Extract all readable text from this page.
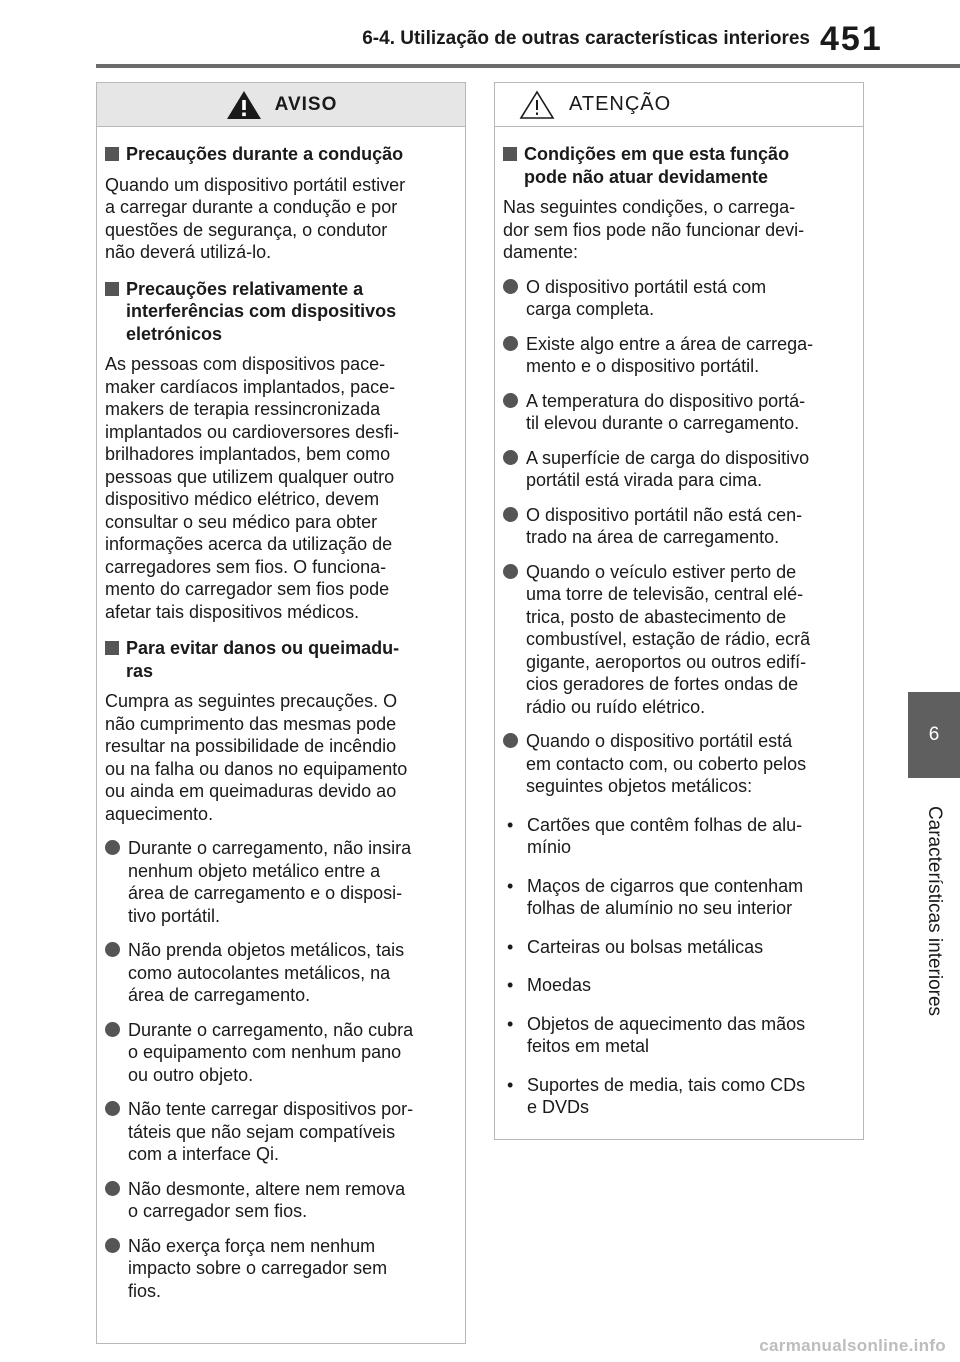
6-4. Utilização de outras características interiores 451
6
Características interiores
AVISO
Precauções durante a condução
Quando um dispositivo portátil estiver
a carregar durante a condução e por
questões de segurança, o condutor
não deverá utilizá-lo.
Precauções relativamente a
interferências com dispositivos
eletrónicos
As pessoas com dispositivos pace-
maker cardíacos implantados, pace-
makers de terapia ressincronizada
implantados ou cardioversores desfi-
brilhadores implantados, bem como
pessoas que utilizem qualquer outro
dispositivo médico elétrico, devem
consultar o seu médico para obter
informações acerca da utilização de
carregadores sem fios. O funciona-
mento do carregador sem fios pode
afetar tais dispositivos médicos.
Para evitar danos ou queimadu-
ras
Cumpra as seguintes precauções. O
não cumprimento das mesmas pode
resultar na possibilidade de incêndio
ou na falha ou danos no equipamento
ou ainda em queimaduras devido ao
aquecimento.
Durante o carregamento, não insira
nenhum objeto metálico entre a
área de carregamento e o disposi-
tivo portátil.
Não prenda objetos metálicos, tais
como autocolantes metálicos, na
área de carregamento.
Durante o carregamento, não cubra
o equipamento com nenhum pano
ou outro objeto.
Não tente carregar dispositivos por-
táteis que não sejam compatíveis
com a interface Qi.
Não desmonte, altere nem remova
o carregador sem fios.
Não exerça força nem nenhum
impacto sobre o carregador sem
fios.
ATENÇÃO
Condições em que esta função
pode não atuar devidamente
Nas seguintes condições, o carrega-
dor sem fios pode não funcionar devi-
damente:
O dispositivo portátil está com
carga completa.
Existe algo entre a área de carrega-
mento e o dispositivo portátil.
A temperatura do dispositivo portá-
til elevou durante o carregamento.
A superfície de carga do dispositivo
portátil está virada para cima.
O dispositivo portátil não está cen-
trado na área de carregamento.
Quando o veículo estiver perto de
uma torre de televisão, central elé-
trica, posto de abastecimento de
combustível, estação de rádio, ecrã
gigante, aeroportos ou outros edifí-
cios geradores de fortes ondas de
rádio ou ruído elétrico.
Quando o dispositivo portátil está
em contacto com, ou coberto pelos
seguintes objetos metálicos:
• Cartões que contêm folhas de alu-
mínio
• Maços de cigarros que contenham
folhas de alumínio no seu interior
• Carteiras ou bolsas metálicas
• Moedas
• Objetos de aquecimento das mãos
feitos em metal
• Suportes de media, tais como CDs
e DVDs
carmanualsonline.info
